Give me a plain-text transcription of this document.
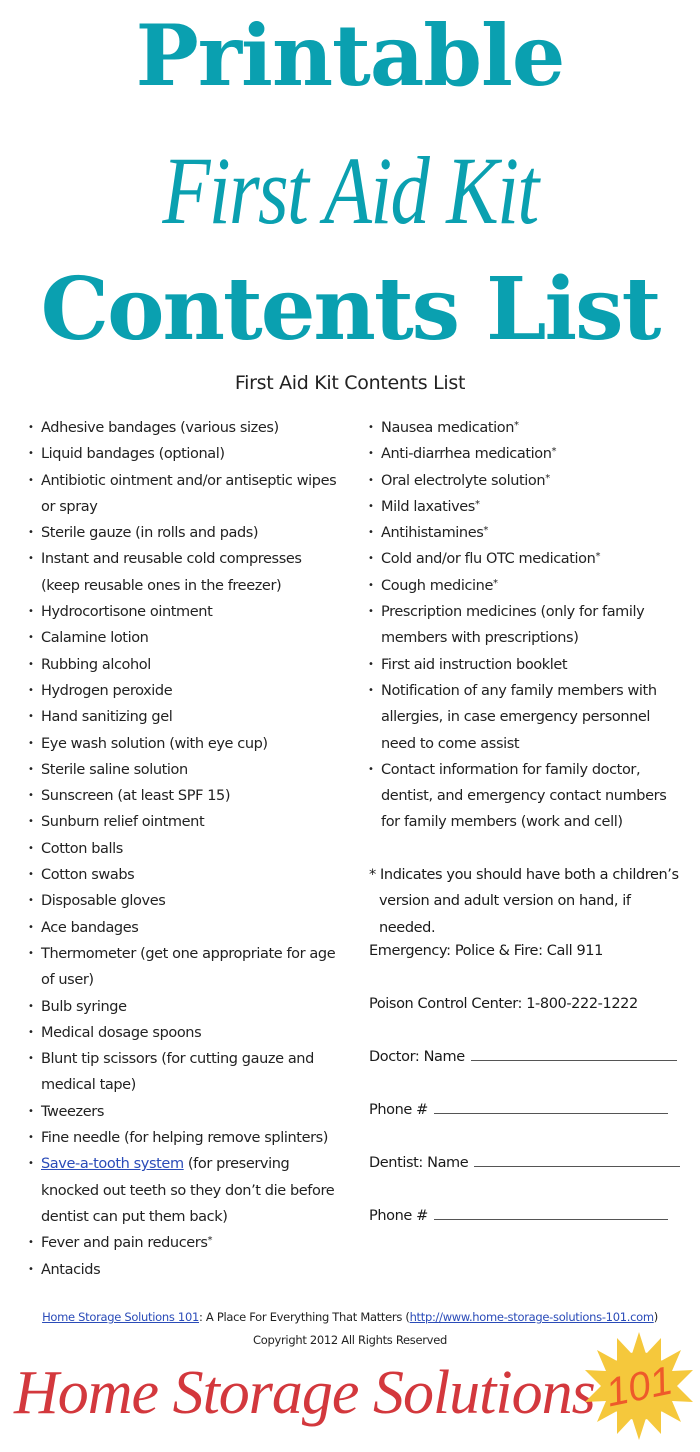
Printable
First Aid Kit
Contents List
First Aid Kit Contents List
• Adhesive bandages (various sizes)
• Liquid bandages (optional)
• Antibiotic ointment and/or antiseptic wipes or spray
• Sterile gauze (in rolls and pads)
• Instant and reusable cold compresses (keep reusable ones in the freezer)
• Hydrocortisone ointment
• Calamine lotion
• Rubbing alcohol
• Hydrogen peroxide
• Hand sanitizing gel
• Eye wash solution (with eye cup)
• Sterile saline solution
• Sunscreen (at least SPF 15)
• Sunburn relief ointment
• Cotton balls
• Cotton swabs
• Disposable gloves
• Ace bandages
• Thermometer (get one appropriate for age of user)
• Bulb syringe
• Medical dosage spoons
• Blunt tip scissors (for cutting gauze and medical tape)
• Tweezers
• Fine needle (for helping remove splinters)
• Save-a-tooth system (for preserving knocked out teeth so they don’t die before dentist can put them back)
• Fever and pain reducers*
• Antacids
• Nausea medication*
• Anti-diarrhea medication*
• Oral electrolyte solution*
• Mild laxatives*
• Antihistamines*
• Cold and/or flu OTC medication*
• Cough medicine*
• Prescription medicines (only for family members with prescriptions)
• First aid instruction booklet
• Notification of any family members with allergies, in case emergency personnel need to come assist
• Contact information for family doctor, dentist, and emergency contact numbers for family members (work and cell)
* Indicates you should have both a children’s
version and adult version on hand, if needed.
Emergency: Police & Fire: Call 911
Poison Control Center: 1-800-222-1222
Doctor: Name
Phone #
Dentist: Name
Phone #
Home Storage Solutions 101: A Place For Everything That Matters (http://www.home-storage-solutions-101.com)
Copyright 2012 All Rights Reserved
Home Storage Solutions 101
